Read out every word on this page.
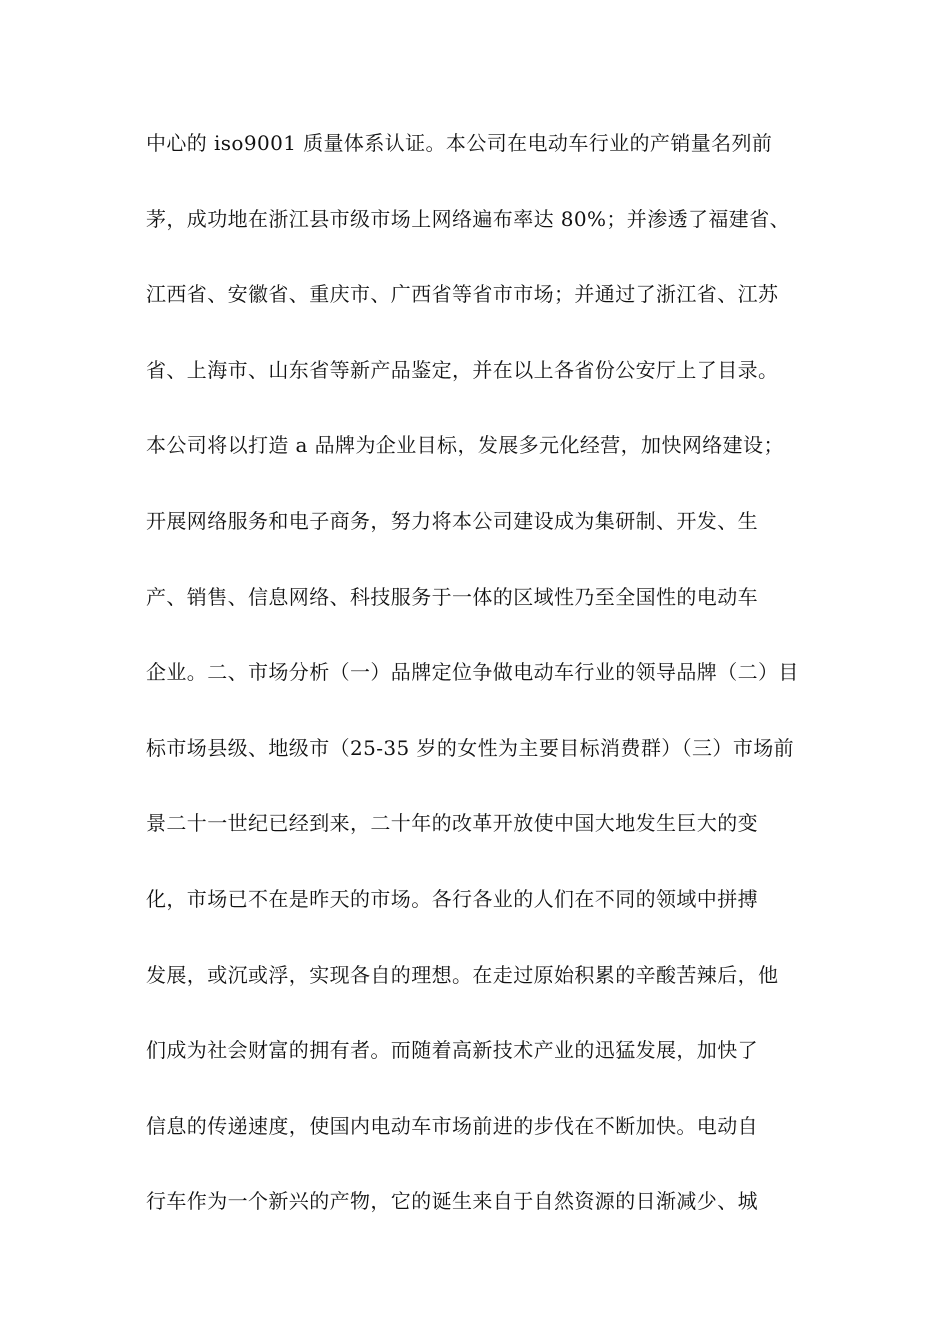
中心的 iso9001 质量体系认证。本公司在电动车行业的产销量名列前
茅，成功地在浙江县市级市场上网络遍布率达 80%；并渗透了福建省、
江西省、安徽省、重庆市、广西省等省市市场；并通过了浙江省、江苏
省、上海市、山东省等新产品鉴定，并在以上各省份公安厅上了目录。
本公司将以打造 a 品牌为企业目标，发展多元化经营，加快网络建设；
开展网络服务和电子商务，努力将本公司建设成为集研制、开发、生
产、销售、信息网络、科技服务于一体的区域性乃至全国性的电动车
企业。二、市场分析（一）品牌定位争做电动车行业的领导品牌（二）目
标市场县级、地级市（25-35 岁的女性为主要目标消费群）（三）市场前
景二十一世纪已经到来，二十年的改革开放使中国大地发生巨大的变
化，市场已不在是昨天的市场。各行各业的人们在不同的领域中拼搏
发展，或沉或浮，实现各自的理想。在走过原始积累的辛酸苦辣后，他
们成为社会财富的拥有者。而随着高新技术产业的迅猛发展，加快了
信息的传递速度，使国内电动车市场前进的步伐在不断加快。电动自
行车作为一个新兴的产物，它的诞生来自于自然资源的日渐减少、城
